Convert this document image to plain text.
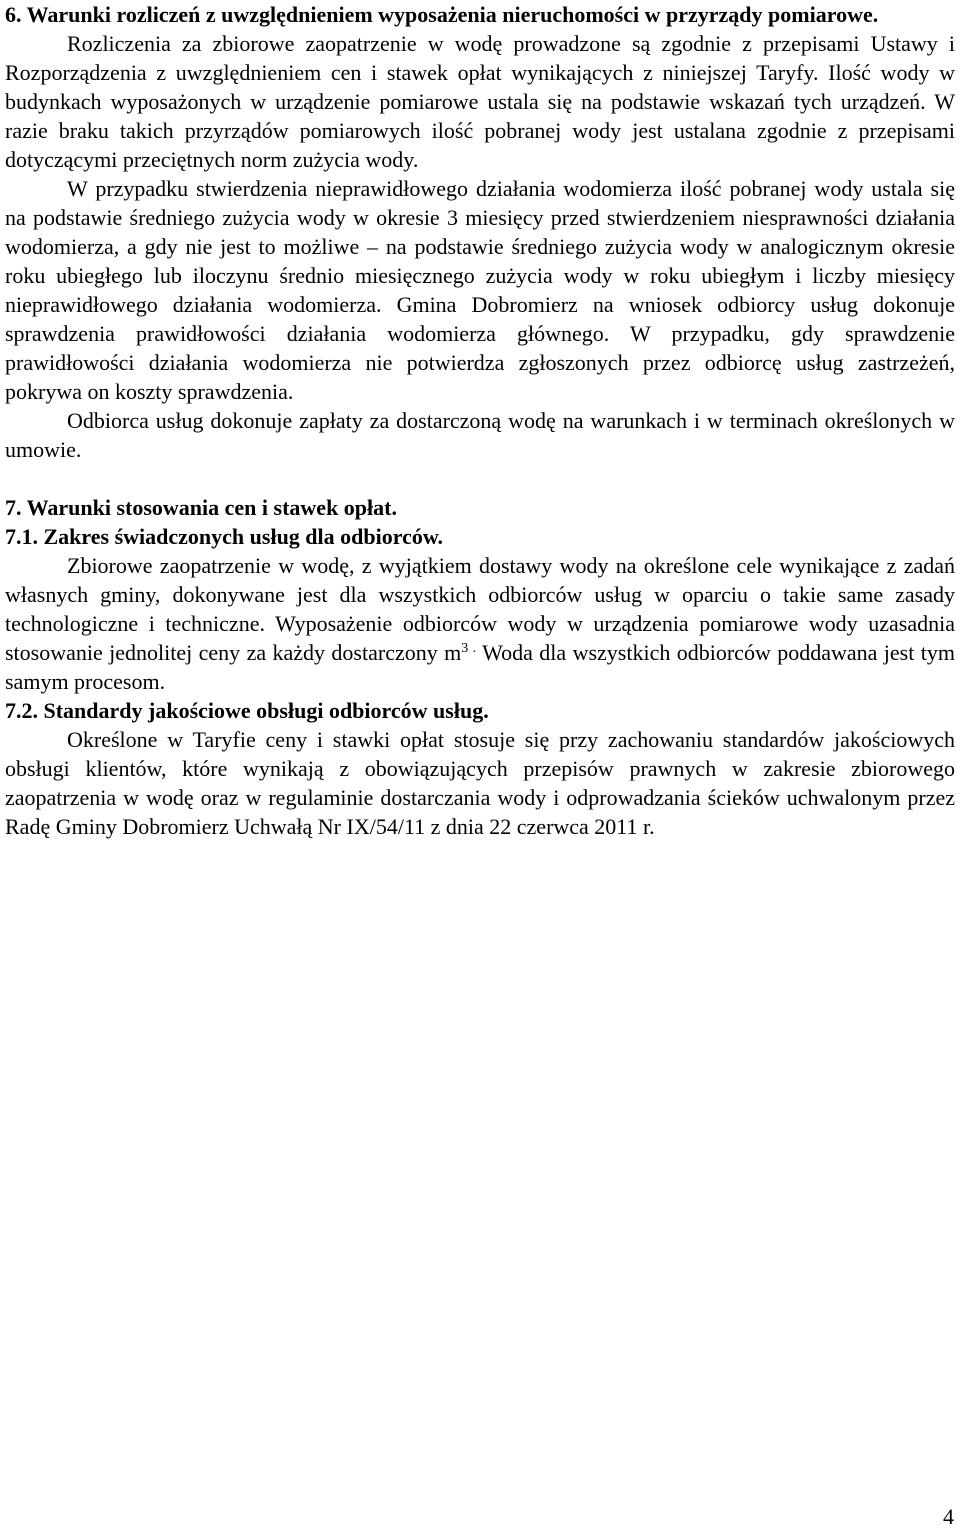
6. Warunki rozliczeń z uwzględnieniem wyposażenia nieruchomości w przyrządy pomiarowe.

Rozliczenia za zbiorowe zaopatrzenie w wodę prowadzone są zgodnie z przepisami Ustawy i Rozporządzenia z uwzględnieniem cen i stawek opłat wynikających z niniejszej Taryfy. Ilość wody w budynkach wyposażonych w urządzenie pomiarowe ustala się na podstawie wskazań tych urządzeń. W razie braku takich przyrządów pomiarowych ilość pobranej wody jest ustalana zgodnie z przepisami dotyczącymi przeciętnych norm zużycia wody.

W przypadku stwierdzenia nieprawidłowego działania wodomierza ilość pobranej wody ustala się na podstawie średniego zużycia wody w okresie 3 miesięcy przed stwierdzeniem niesprawności działania wodomierza, a gdy nie jest to możliwe – na podstawie średniego zużycia wody w analogicznym okresie roku ubiegłego lub iloczynu średnio miesięcznego zużycia wody w roku ubiegłym i liczby miesięcy nieprawidłowego działania wodomierza. Gmina Dobromierz na wniosek odbiorcy usług dokonuje sprawdzenia prawidłowości działania wodomierza głównego. W przypadku, gdy sprawdzenie prawidłowości działania wodomierza nie potwierdza zgłoszonych przez odbiorcę usług zastrzeżeń, pokrywa on koszty sprawdzenia.

Odbiorca usług dokonuje zapłaty za dostarczoną wodę na warunkach i w terminach określonych w umowie.

7. Warunki stosowania cen i stawek opłat.

7.1. Zakres świadczonych usług dla odbiorców.

Zbiorowe zaopatrzenie w wodę, z wyjątkiem dostawy wody na określone cele wynikające z zadań własnych gminy, dokonywane jest dla wszystkich odbiorców usług w oparciu o takie same zasady technologiczne i techniczne. Wyposażenie odbiorców wody w urządzenia pomiarowe wody uzasadnia stosowanie jednolitej ceny za każdy dostarczony $m^{3 .}$ Woda dla wszystkich odbiorców poddawana jest tym samym procesom.

7.2. Standardy jakościowe obsługi odbiorców usług.

Określone w Taryfie ceny i stawki opłat stosuje się przy zachowaniu standardów jakościowych obsługi klientów, które wynikają z obowiązujących przepisów prawnych w zakresie zbiorowego zaopatrzenia w wodę oraz w regulaminie dostarczania wody i odprowadzania ścieków uchwalonym przez Radę Gminy Dobromierz Uchwałą Nr IX/54/11 z dnia 22 czerwca 2011 r.

4
